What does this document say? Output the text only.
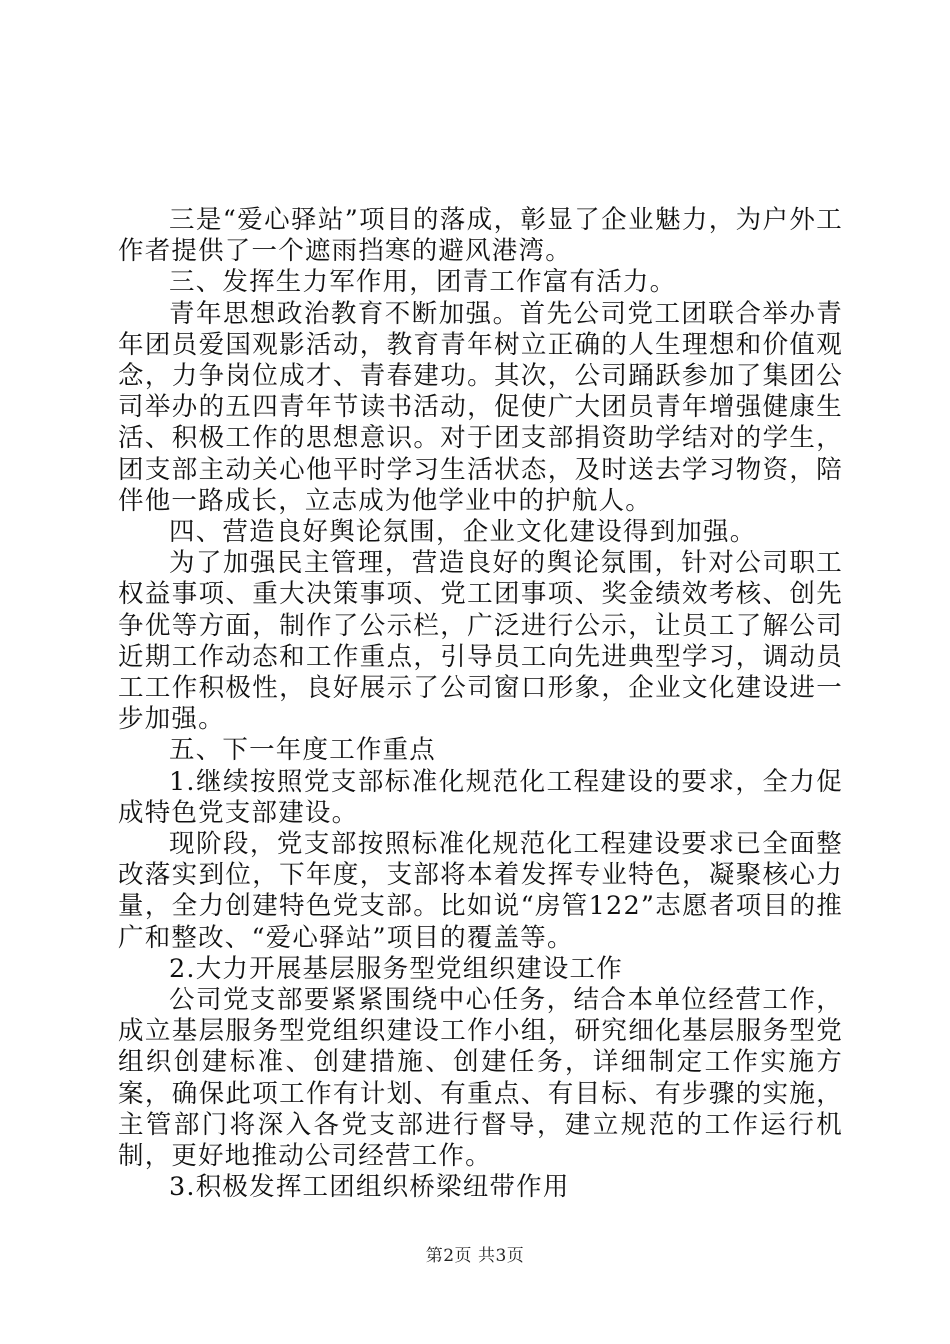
三是“爱心驿站”项目的落成，彰显了企业魅力，为户外工作者提供了一个遮雨挡寒的避风港湾。

三、发挥生力军作用，团青工作富有活力。

青年思想政治教育不断加强。首先公司党工团联合举办青年团员爱国观影活动，教育青年树立正确的人生理想和价值观念，力争岗位成才、青春建功。其次，公司踊跃参加了集团公司举办的五四青年节读书活动，促使广大团员青年增强健康生活、积极工作的思想意识。对于团支部捐资助学结对的学生，团支部主动关心他平时学习生活状态，及时送去学习物资，陪伴他一路成长，立志成为他学业中的护航人。

四、营造良好舆论氛围，企业文化建设得到加强。

为了加强民主管理，营造良好的舆论氛围，针对公司职工权益事项、重大决策事项、党工团事项、奖金绩效考核、创先争优等方面，制作了公示栏，广泛进行公示，让员工了解公司近期工作动态和工作重点，引导员工向先进典型学习，调动员工工作积极性，良好展示了公司窗口形象，企业文化建设进一步加强。

五、下一年度工作重点

1.继续按照党支部标准化规范化工程建设的要求，全力促成特色党支部建设。

现阶段，党支部按照标准化规范化工程建设要求已全面整改落实到位，下年度，支部将本着发挥专业特色，凝聚核心力量，全力创建特色党支部。比如说“房管122”志愿者项目的推广和整改、“爱心驿站”项目的覆盖等。

2.大力开展基层服务型党组织建设工作

公司党支部要紧紧围绕中心任务，结合本单位经营工作，成立基层服务型党组织建设工作小组，研究细化基层服务型党组织创建标准、创建措施、创建任务，详细制定工作实施方案，确保此项工作有计划、有重点、有目标、有步骤的实施，主管部门将深入各党支部进行督导，建立规范的工作运行机制，更好地推动公司经营工作。

3.积极发挥工团组织桥梁纽带作用

第2页 共3页
